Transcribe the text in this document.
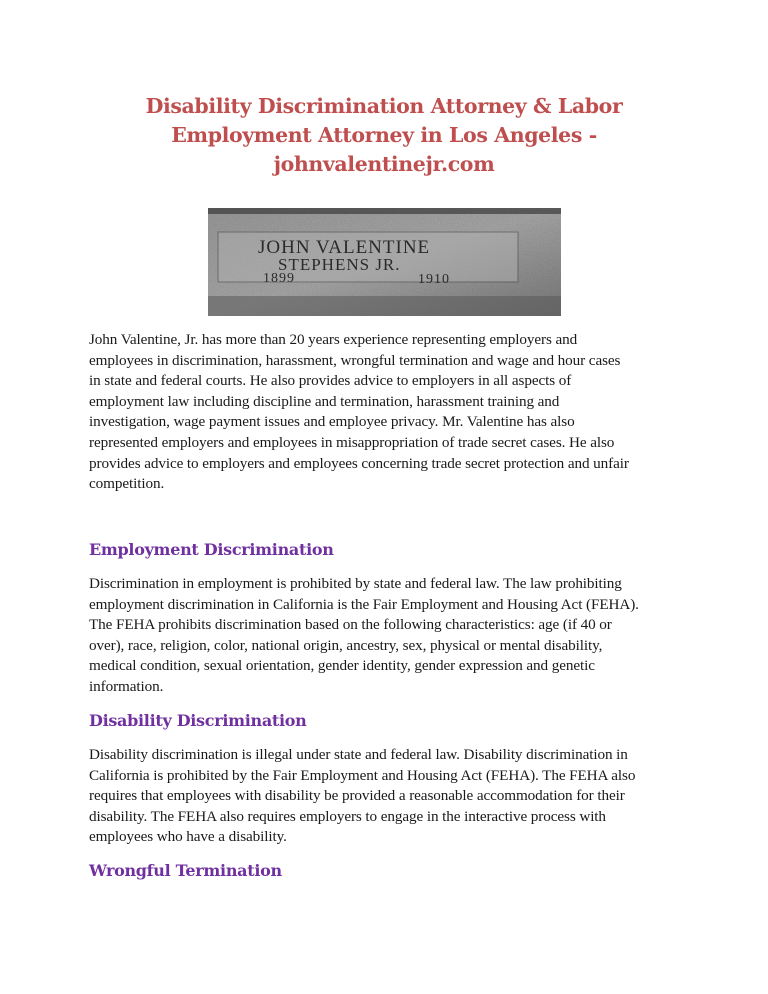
Disability Discrimination Attorney & Labor
Employment Attorney in Los Angeles -
johnvalentinejr.com
JOHN VALENTINE
STEPHENS JR.
1899	1910

John Valentine, Jr. has more than 20 years experience representing employers and
employees in discrimination, harassment, wrongful termination and wage and hour cases
in state and federal courts. He also provides advice to employers in all aspects of
employment law including discipline and termination, harassment training and
investigation, wage payment issues and employee privacy. Mr. Valentine has also
represented employers and employees in misappropriation of trade secret cases. He also
provides advice to employers and employees concerning trade secret protection and unfair
competition.

Employment Discrimination

Discrimination in employment is prohibited by state and federal law. The law prohibiting
employment discrimination in California is the Fair Employment and Housing Act (FEHA).
The FEHA prohibits discrimination based on the following characteristics: age (if 40 or
over), race, religion, color, national origin, ancestry, sex, physical or mental disability,
medical condition, sexual orientation, gender identity, gender expression and genetic
information.

Disability Discrimination

Disability discrimination is illegal under state and federal law. Disability discrimination in
California is prohibited by the Fair Employment and Housing Act (FEHA). The FEHA also
requires that employees with disability be provided a reasonable accommodation for their
disability. The FEHA also requires employers to engage in the interactive process with
employees who have a disability.

Wrongful Termination
